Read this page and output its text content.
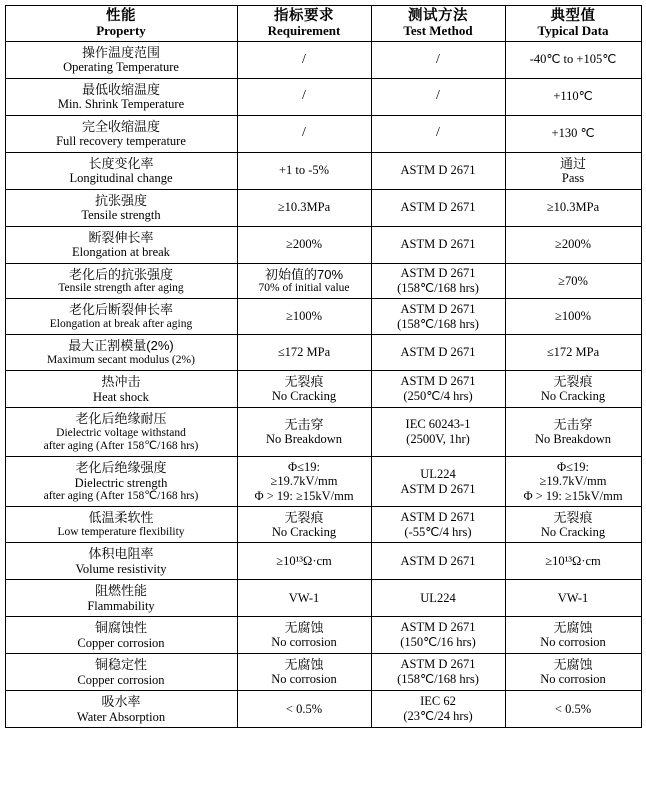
性能
Property	指标要求
Requirement	测试方法
Test Method	典型值
Typical Data

操作温度范围
Operating Temperature	/	/	-40℃ to +105℃

最低收缩温度
Min. Shrink Temperature	/	/	+110℃

完全收缩温度
Full recovery temperature	/	/	+130 ℃

长度变化率
Longitudinal change	+1 to -5%	ASTM D 2671	通过
Pass

抗张强度
Tensile strength	≥10.3MPa	ASTM D 2671	≥10.3MPa

断裂伸长率
Elongation at break	≥200%	ASTM D 2671	≥200%

老化后的抗张强度
Tensile strength after aging	初始值的70%
70% of initial value	ASTM D 2671
(158℃/168 hrs)	≥70%

老化后断裂伸长率
Elongation at break after aging	≥100%	ASTM D 2671
(158℃/168 hrs)	≥100%

最大正割模量(2%)
Maximum secant modulus (2%)	≤172 MPa	ASTM D 2671	≤172 MPa

热冲击
Heat shock	无裂痕
No Cracking	ASTM D 2671
(250℃/4 hrs)	无裂痕
No Cracking

老化后绝缘耐压
Dielectric voltage withstand
after aging (After 158℃/168 hrs)	无击穿
No Breakdown	IEC 60243-1
(2500V, 1hr)	无击穿
No Breakdown

老化后绝缘强度
Dielectric strength
after aging (After 158℃/168 hrs)	Φ≤19:
≥19.7kV/mm
Φ > 19: ≥15kV/mm	UL224
ASTM D 2671	Φ≤19:
≥19.7kV/mm
Φ > 19: ≥15kV/mm

低温柔软性
Low temperature flexibility	无裂痕
No Cracking	ASTM D 2671
(-55℃/4 hrs)	无裂痕
No Cracking

体积电阻率
Volume resistivity	≥10¹³Ω·cm	ASTM D 2671	≥10¹³Ω·cm

阻燃性能
Flammability	VW-1	UL224	VW-1

铜腐蚀性
Copper corrosion	无腐蚀
No corrosion	ASTM D 2671
(150℃/16 hrs)	无腐蚀
No corrosion

铜稳定性
Copper corrosion	无腐蚀
No corrosion	ASTM D 2671
(158℃/168 hrs)	无腐蚀
No corrosion

吸水率
Water Absorption	< 0.5%	IEC 62
(23℃/24 hrs)	< 0.5%
